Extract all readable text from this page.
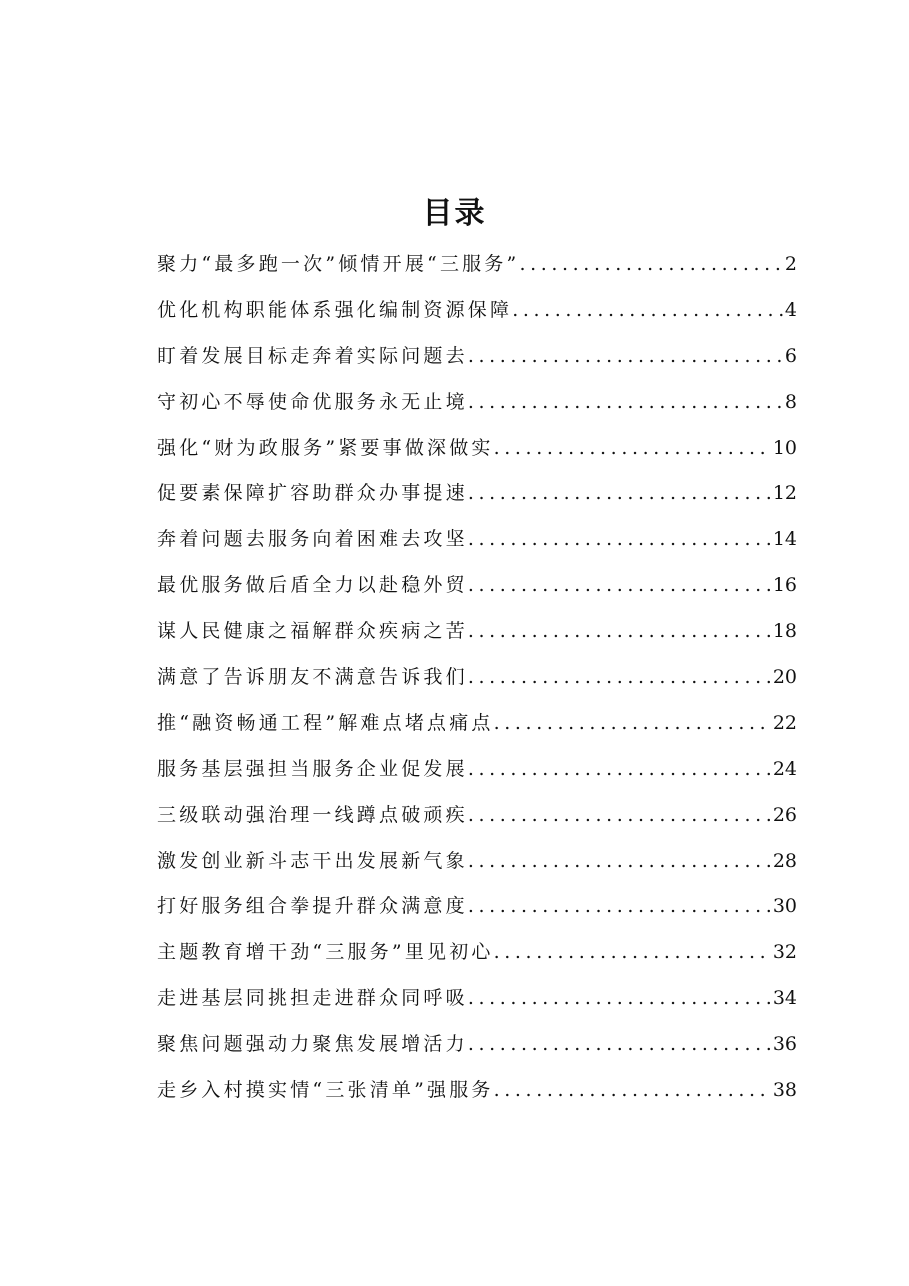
目录
聚力“最多跑一次”倾情开展“三服务” .....	2
优化机构职能体系强化编制资源保障 .....	4
盯着发展目标走奔着实际问题去 .....	6
守初心不辱使命优服务永无止境 .....	8
强化“财为政服务”紧要事做深做实 .....	10
促要素保障扩容助群众办事提速 .....	12
奔着问题去服务向着困难去攻坚 .....	14
最优服务做后盾全力以赴稳外贸 .....	16
谋人民健康之福解群众疾病之苦 .....	18
满意了告诉朋友不满意告诉我们 .....	20
推“融资畅通工程”解难点堵点痛点 .....	22
服务基层强担当服务企业促发展 .....	24
三级联动强治理一线蹲点破顽疾 .....	26
激发创业新斗志干出发展新气象 .....	28
打好服务组合拳提升群众满意度 .....	30
主题教育增干劲“三服务”里见初心 .....	32
走进基层同挑担走进群众同呼吸 .....	34
聚焦问题强动力聚焦发展增活力 .....	36
走乡入村摸实情“三张清单”强服务 .....	38
